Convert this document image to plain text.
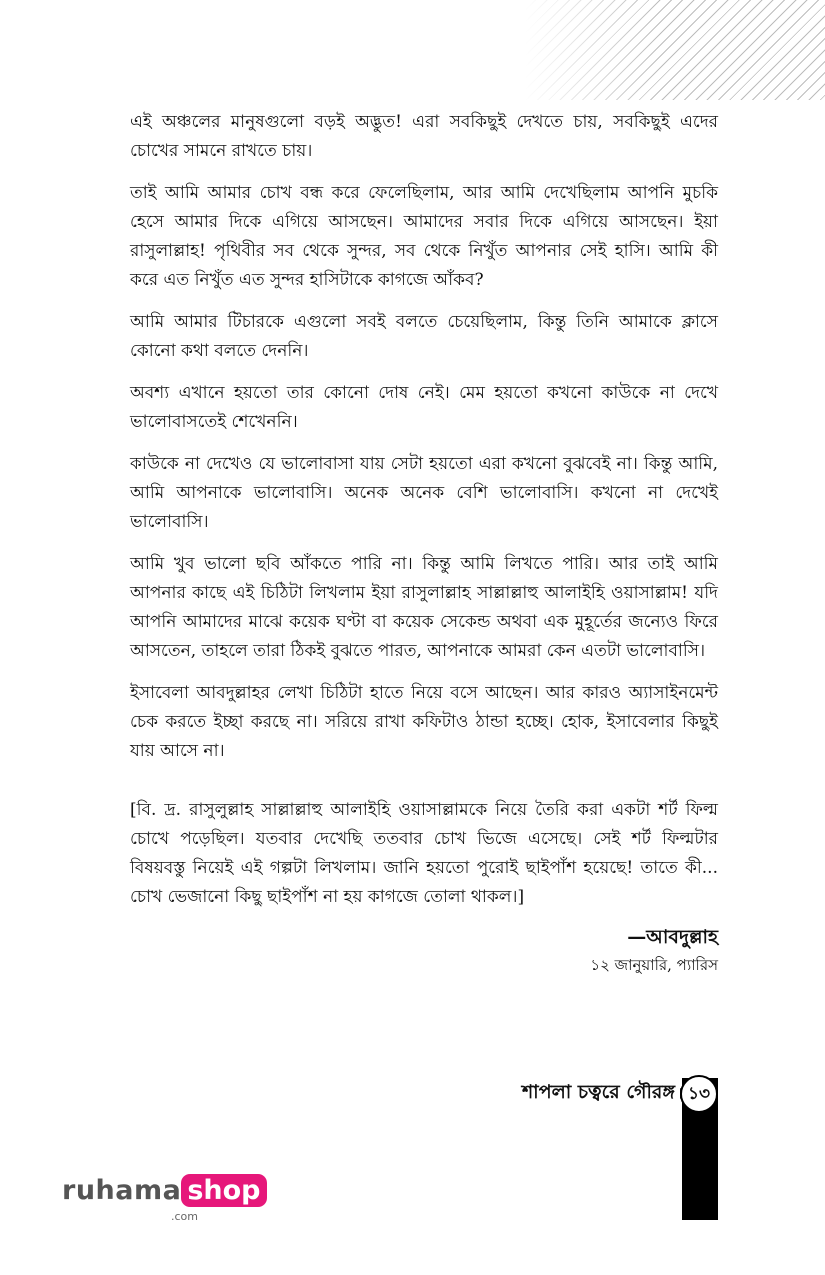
এই অঞ্চলের মানুষগুলো বড়ই অদ্ভুত! এরা সবকিছুই দেখতে চায়, সবকিছুই এদের চোখের সামনে রাখতে চায়।

তাই আমি আমার চোখ বন্ধ করে ফেলেছিলাম, আর আমি দেখেছিলাম আপনি মুচকি হেসে আমার দিকে এগিয়ে আসছেন। আমাদের সবার দিকে এগিয়ে আসছেন। ইয়া রাসুলাল্লাহ! পৃথিবীর সব থেকে সুন্দর, সব থেকে নিখুঁত আপনার সেই হাসি। আমি কী করে এত নিখুঁত এত সুন্দর হাসিটাকে কাগজে আঁকব?

আমি আমার টিচারকে এগুলো সবই বলতে চেয়েছিলাম, কিন্তু তিনি আমাকে ক্লাসে কোনো কথা বলতে দেননি।

অবশ্য এখানে হয়তো তার কোনো দোষ নেই। মেম হয়তো কখনো কাউকে না দেখে ভালোবাসতেই শেখেননি।

কাউকে না দেখেও যে ভালোবাসা যায় সেটা হয়তো এরা কখনো বুঝবেই না। কিন্তু আমি, আমি আপনাকে ভালোবাসি। অনেক অনেক বেশি ভালোবাসি। কখনো না দেখেই ভালোবাসি।

আমি খুব ভালো ছবি আঁকতে পারি না। কিন্তু আমি লিখতে পারি। আর তাই আমি আপনার কাছে এই চিঠিটা লিখলাম ইয়া রাসুলাল্লাহ সাল্লাল্লাহু আলাইহি ওয়াসাল্লাম! যদি আপনি আমাদের মাঝে কয়েক ঘণ্টা বা কয়েক সেকেন্ড অথবা এক মুহূর্তের জন্যেও ফিরে আসতেন, তাহলে তারা ঠিকই বুঝতে পারত, আপনাকে আমরা কেন এতটা ভালোবাসি।

ইসাবেলা আবদুল্লাহর লেখা চিঠিটা হাতে নিয়ে বসে আছেন। আর কারও অ্যাসাইনমেন্ট চেক করতে ইচ্ছা করছে না। সরিয়ে রাখা কফিটাও ঠান্ডা হচ্ছে। হোক, ইসাবেলার কিছুই যায় আসে না।

[বি. দ্র. রাসুলুল্লাহ সাল্লাল্লাহু আলাইহি ওয়াসাল্লামকে নিয়ে তৈরি করা একটা শর্ট ফিল্ম চোখে পড়েছিল। যতবার দেখেছি ততবার চোখ ভিজে এসেছে। সেই শর্ট ফিল্মটার বিষয়বস্তু নিয়েই এই গল্পটা লিখলাম। জানি হয়তো পুরোই ছাইপাঁশ হয়েছে! তাতে কী... চোখ ভেজানো কিছু ছাইপাঁশ না হয় কাগজে তোলা থাকল।]

—আবদুল্লাহ
১২ জানুয়ারি, প্যারিস
শাপলা চত্বরে গৌরঙ্গ ১৩
ruhama shop
.com
